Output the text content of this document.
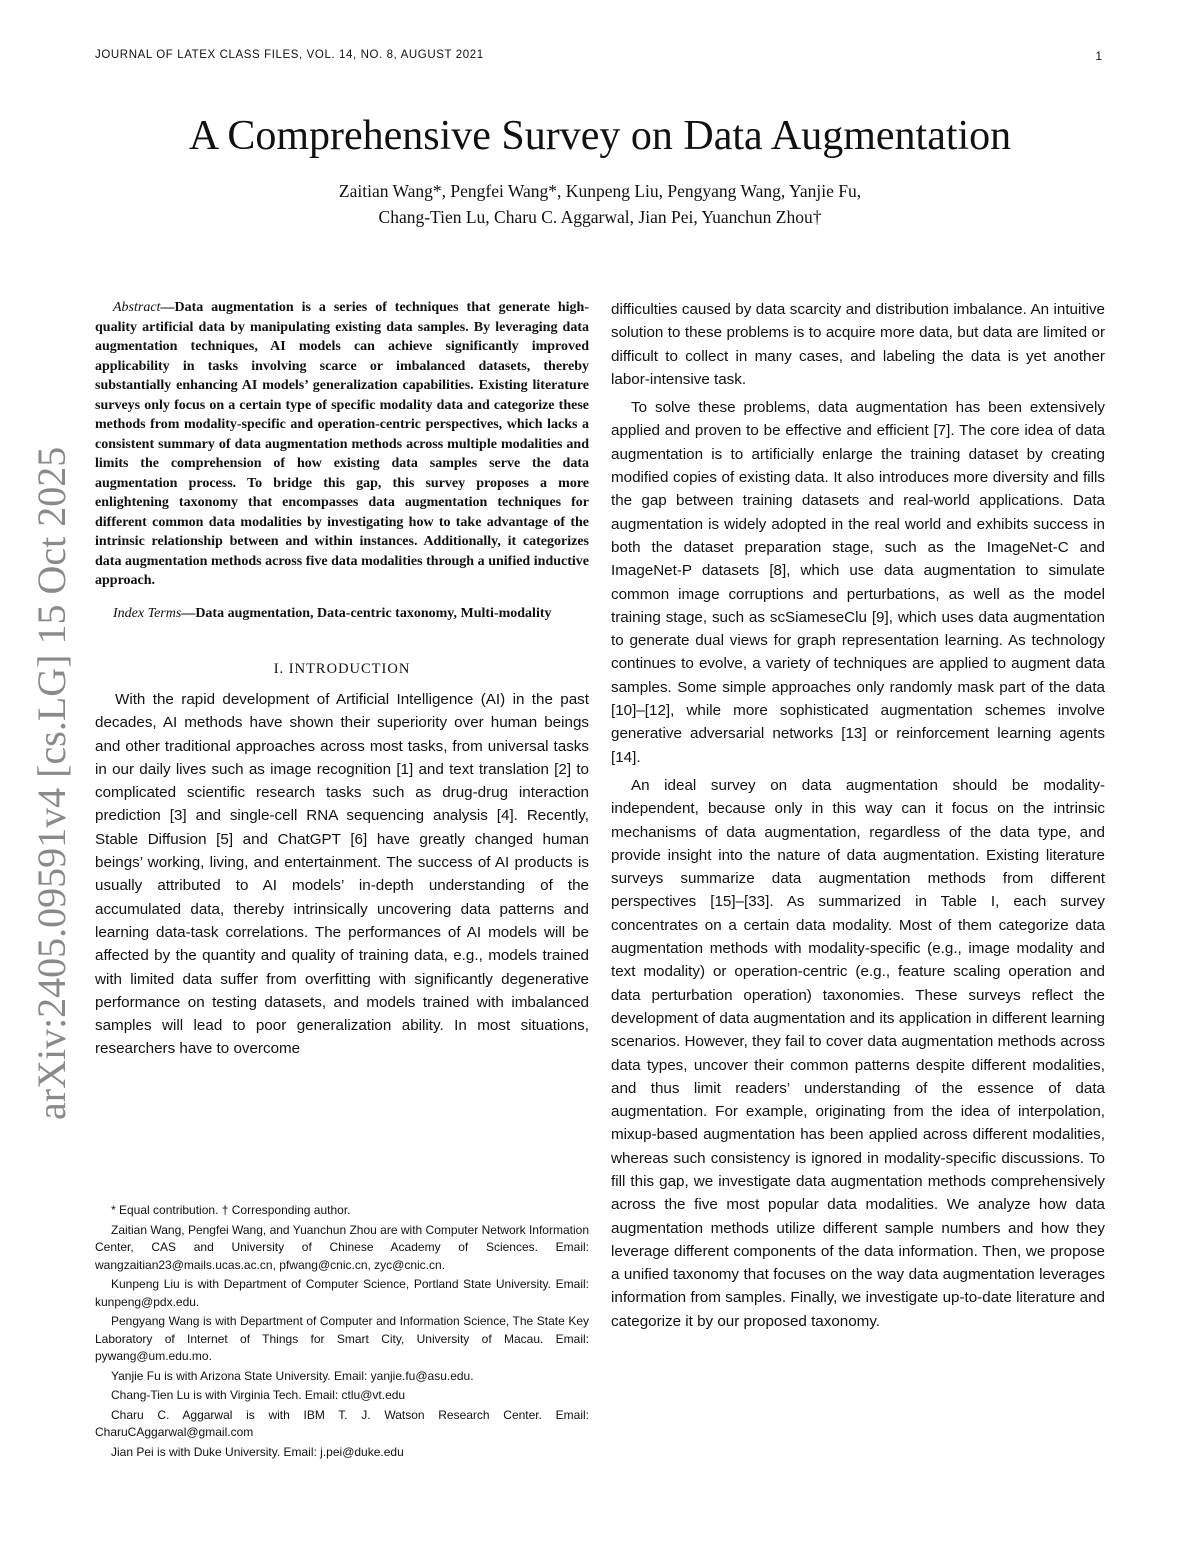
JOURNAL OF LATEX CLASS FILES, VOL. 14, NO. 8, AUGUST 2021	1
arXiv:2405.09591v4 [cs.LG] 15 Oct 2025
A Comprehensive Survey on Data Augmentation
Zaitian Wang*, Pengfei Wang*, Kunpeng Liu, Pengyang Wang, Yanjie Fu,
Chang-Tien Lu, Charu C. Aggarwal, Jian Pei, Yuanchun Zhou†

Abstract—Data augmentation is a series of techniques that generate high-quality artificial data by manipulating existing data samples. By leveraging data augmentation techniques, AI models can achieve significantly improved applicability in tasks involving scarce or imbalanced datasets, thereby substantially enhancing AI models’ generalization capabilities. Existing literature surveys only focus on a certain type of specific modality data and categorize these methods from modality-specific and operation-centric perspectives, which lacks a consistent summary of data augmentation methods across multiple modalities and limits the comprehension of how existing data samples serve the data augmentation process. To bridge this gap, this survey proposes a more enlightening taxonomy that encompasses data augmentation techniques for different common data modalities by investigating how to take advantage of the intrinsic relationship between and within instances. Additionally, it categorizes data augmentation methods across five data modalities through a unified inductive approach.

Index Terms—Data augmentation, Data-centric taxonomy, Multi-modality

I. INTRODUCTION

With the rapid development of Artificial Intelligence (AI) in the past decades, AI methods have shown their superiority over human beings and other traditional approaches across most tasks, from universal tasks in our daily lives such as image recognition [1] and text translation [2] to complicated scientific research tasks such as drug-drug interaction prediction [3] and single-cell RNA sequencing analysis [4]. Recently, Stable Diffusion [5] and ChatGPT [6] have greatly changed human beings’ working, living, and entertainment. The success of AI products is usually attributed to AI models’ in-depth understanding of the accumulated data, thereby intrinsically uncovering data patterns and learning data-task correlations. The performances of AI models will be affected by the quantity and quality of training data, e.g., models trained with limited data suffer from overfitting with significantly degenerative performance on testing datasets, and models trained with imbalanced samples will lead to poor generalization ability. In most situations, researchers have to overcome

* Equal contribution. † Corresponding author.

Zaitian Wang, Pengfei Wang, and Yuanchun Zhou are with Computer Network Information Center, CAS and University of Chinese Academy of Sciences. Email: wangzaitian23@mails.ucas.ac.cn, pfwang@cnic.cn, zyc@cnic.cn.

Kunpeng Liu is with Department of Computer Science, Portland State University. Email: kunpeng@pdx.edu.

Pengyang Wang is with Department of Computer and Information Science, The State Key Laboratory of Internet of Things for Smart City, University of Macau. Email: pywang@um.edu.mo.

Yanjie Fu is with Arizona State University. Email: yanjie.fu@asu.edu.

Chang-Tien Lu is with Virginia Tech. Email: ctlu@vt.edu

Charu C. Aggarwal is with IBM T. J. Watson Research Center. Email: CharuCAggarwal@gmail.com

Jian Pei is with Duke University. Email: j.pei@duke.edu

difficulties caused by data scarcity and distribution imbalance. An intuitive solution to these problems is to acquire more data, but data are limited or difficult to collect in many cases, and labeling the data is yet another labor-intensive task.

To solve these problems, data augmentation has been extensively applied and proven to be effective and efficient [7]. The core idea of data augmentation is to artificially enlarge the training dataset by creating modified copies of existing data. It also introduces more diversity and fills the gap between training datasets and real-world applications. Data augmentation is widely adopted in the real world and exhibits success in both the dataset preparation stage, such as the ImageNet-C and ImageNet-P datasets [8], which use data augmentation to simulate common image corruptions and perturbations, as well as the model training stage, such as scSiameseClu [9], which uses data augmentation to generate dual views for graph representation learning. As technology continues to evolve, a variety of techniques are applied to augment data samples. Some simple approaches only randomly mask part of the data [10]–[12], while more sophisticated augmentation schemes involve generative adversarial networks [13] or reinforcement learning agents [14].

An ideal survey on data augmentation should be modality-independent, because only in this way can it focus on the intrinsic mechanisms of data augmentation, regardless of the data type, and provide insight into the nature of data augmentation. Existing literature surveys summarize data augmentation methods from different perspectives [15]–[33]. As summarized in Table I, each survey concentrates on a certain data modality. Most of them categorize data augmentation methods with modality-specific (e.g., image modality and text modality) or operation-centric (e.g., feature scaling operation and data perturbation operation) taxonomies. These surveys reflect the development of data augmentation and its application in different learning scenarios. However, they fail to cover data augmentation methods across data types, uncover their common patterns despite different modalities, and thus limit readers’ understanding of the essence of data augmentation. For example, originating from the idea of interpolation, mixup-based augmentation has been applied across different modalities, whereas such consistency is ignored in modality-specific discussions. To fill this gap, we investigate data augmentation methods comprehensively across the five most popular data modalities. We analyze how data augmentation methods utilize different sample numbers and how they leverage different components of the data information. Then, we propose a unified taxonomy that focuses on the way data augmentation leverages information from samples. Finally, we investigate up-to-date literature and categorize it by our proposed taxonomy.
